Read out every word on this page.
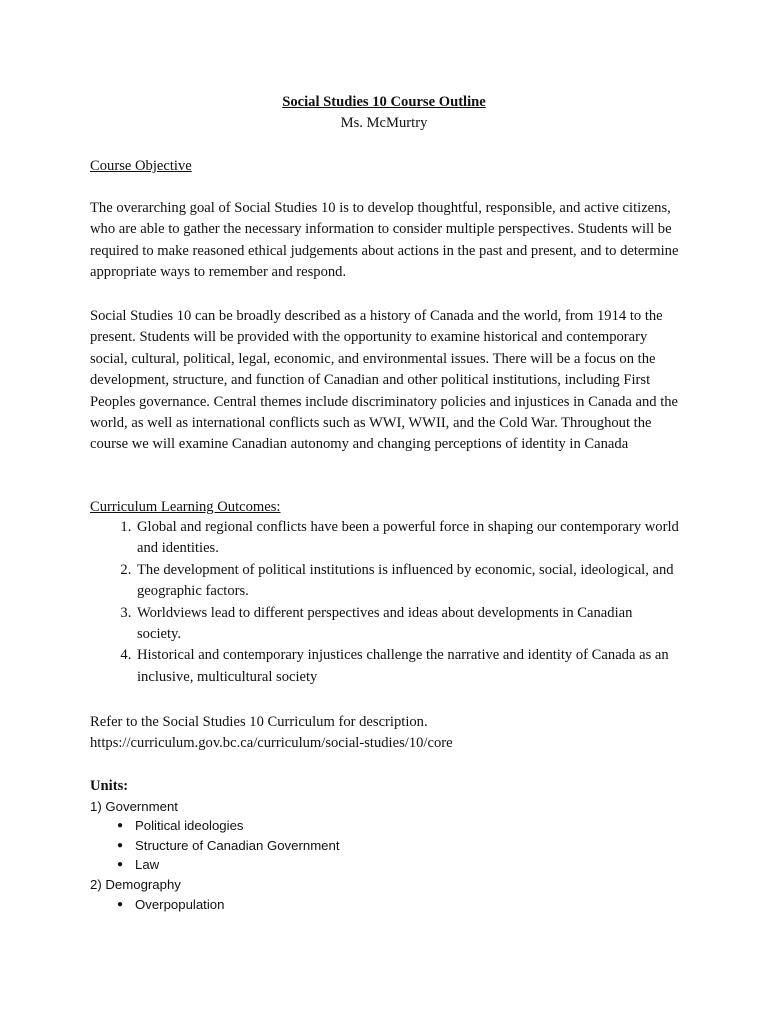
Social Studies 10 Course Outline
Ms. McMurtry
Course Objective

The overarching goal of Social Studies 10 is to develop thoughtful, responsible, and active citizens, who are able to gather the necessary information to consider multiple perspectives. Students will be required to make reasoned ethical judgements about actions in the past and present, and to determine appropriate ways to remember and respond.

Social Studies 10 can be broadly described as a history of Canada and the world, from 1914 to the present. Students will be provided with the opportunity to examine historical and contemporary social, cultural, political, legal, economic, and environmental issues. There will be a focus on the development, structure, and function of Canadian and other political institutions, including First Peoples governance. Central themes include discriminatory policies and injustices in Canada and the world, as well as international conflicts such as WWI, WWII, and the Cold War. Throughout the course we will examine Canadian autonomy and changing perceptions of identity in Canada

Curriculum Learning Outcomes:
1. Global and regional conflicts have been a powerful force in shaping our contemporary world and identities.
2. The development of political institutions is influenced by economic, social, ideological, and geographic factors.
3. Worldviews lead to different perspectives and ideas about developments in Canadian society.
4. Historical and contemporary injustices challenge the narrative and identity of Canada as an inclusive, multicultural society
Refer to the Social Studies 10 Curriculum for description.
https://curriculum.gov.bc.ca/curriculum/social-studies/10/core
Units:
1) Government
● Political ideologies
● Structure of Canadian Government
● Law
2) Demography
● Overpopulation
